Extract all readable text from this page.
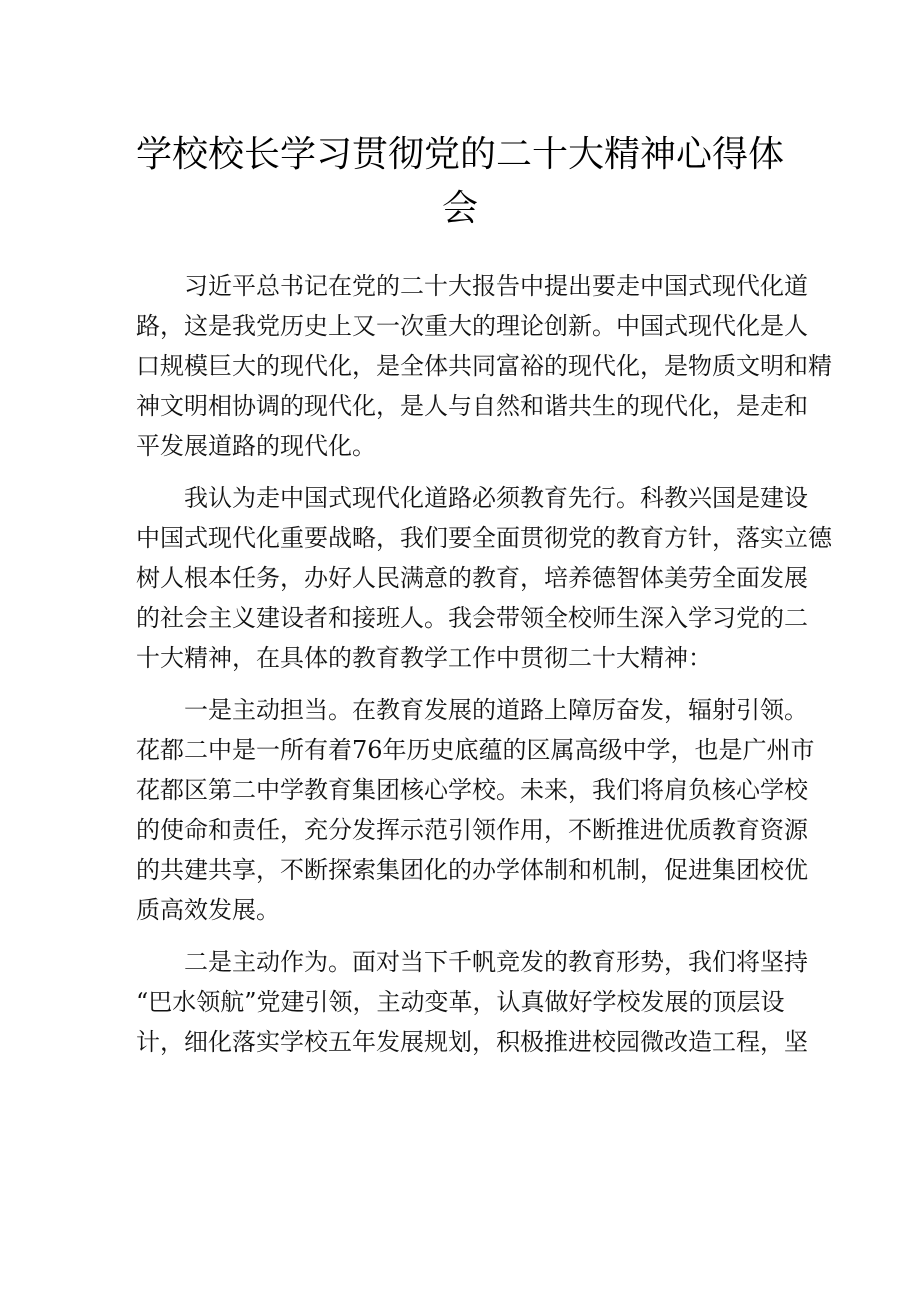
学校校长学习贯彻党的二十大精神心得体
会

习近平总书记在党的二十大报告中提出要走中国式现代化道
路，这是我党历史上又一次重大的理论创新。中国式现代化是人
口规模巨大的现代化，是全体共同富裕的现代化，是物质文明和精
神文明相协调的现代化，是人与自然和谐共生的现代化，是走和
平发展道路的现代化。

我认为走中国式现代化道路必须教育先行。科教兴国是建设
中国式现代化重要战略，我们要全面贯彻党的教育方针，落实立德
树人根本任务，办好人民满意的教育，培养德智体美劳全面发展
的社会主义建设者和接班人。我会带领全校师生深入学习党的二
十大精神，在具体的教育教学工作中贯彻二十大精神：

一是主动担当。在教育发展的道路上障厉奋发，辐射引领。
花都二中是一所有着76年历史底蕴的区属高级中学，也是广州市
花都区第二中学教育集团核心学校。未来，我们将肩负核心学校
的使命和责任，充分发挥示范引领作用，不断推进优质教育资源
的共建共享，不断探索集团化的办学体制和机制，促进集团校优
质高效发展。

二是主动作为。面对当下千帆竞发的教育形势，我们将坚持
“巴水领航”党建引领，主动变革，认真做好学校发展的顶层设
计，细化落实学校五年发展规划，积极推进校园微改造工程，坚
